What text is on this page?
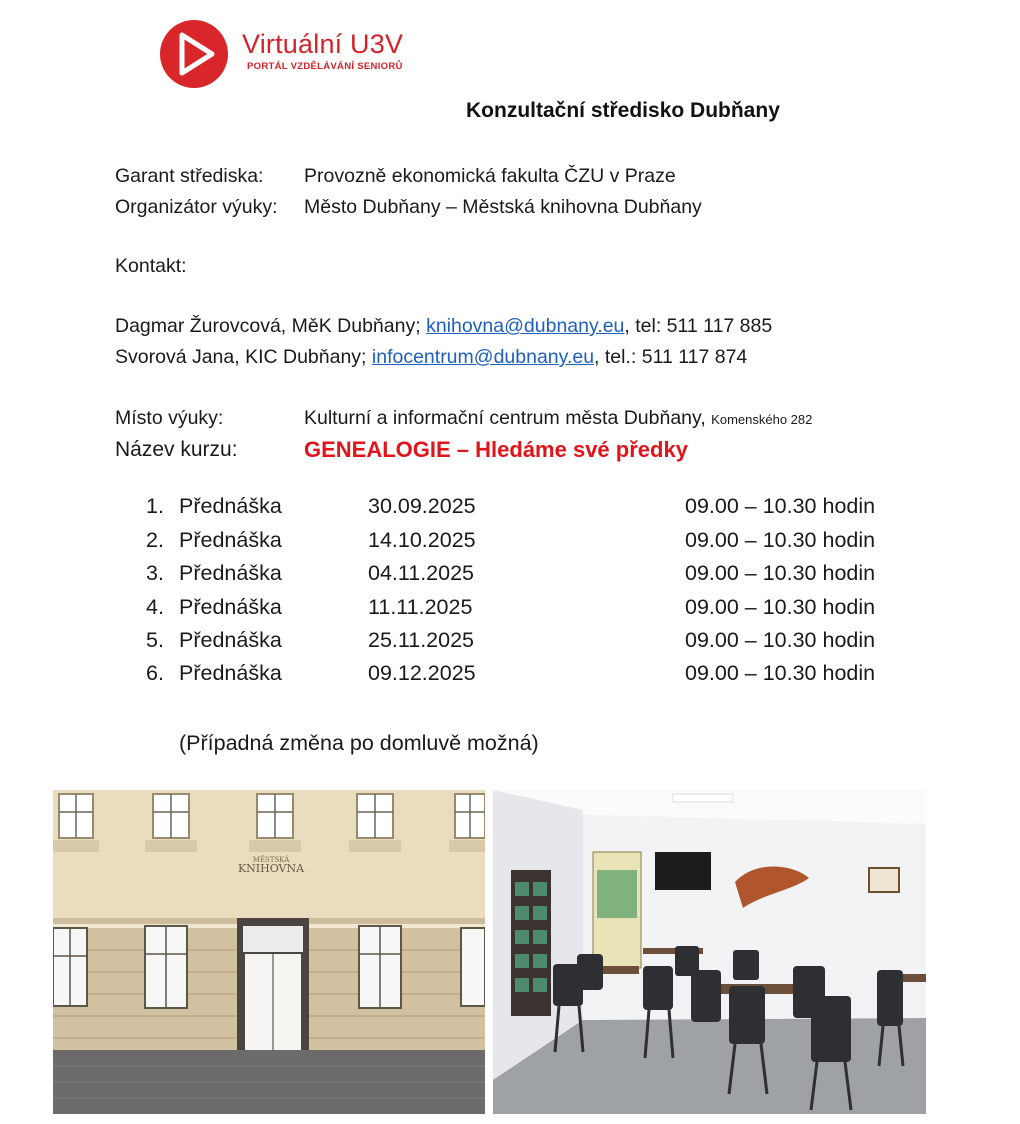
Virtuální U3V
PORTÁL VZDĚLÁVÁNÍ SENIORŮ
Konzultační středisko Dubňany
Garant střediska: Provozně ekonomická fakulta ČZU v Praze
Organizátor výuky: Město Dubňany – Městská knihovna Dubňany
Kontakt:
Dagmar Žurovcová, MěK Dubňany; knihovna@dubnany.eu, tel: 511 117 885
Svorová Jana, KIC Dubňany; infocentrum@dubnany.eu, tel.: 511 117 874
Místo výuky:	Kulturní a informační centrum města Dubňany, Komenského 282
Název kurzu:	GENEALOGIE – Hledáme své předky
1. Přednáška	30.09.2025	09.00 – 10.30 hodin
2. Přednáška	14.10.2025	09.00 – 10.30 hodin
3. Přednáška	04.11.2025	09.00 – 10.30 hodin
4. Přednáška	11.11.2025	09.00 – 10.30 hodin
5. Přednáška	25.11.2025	09.00 – 10.30 hodin
6. Přednáška	09.12.2025	09.00 – 10.30 hodin
(Případná změna po domluvě možná)
MĚSTSKÁ
KNIHOVNA
